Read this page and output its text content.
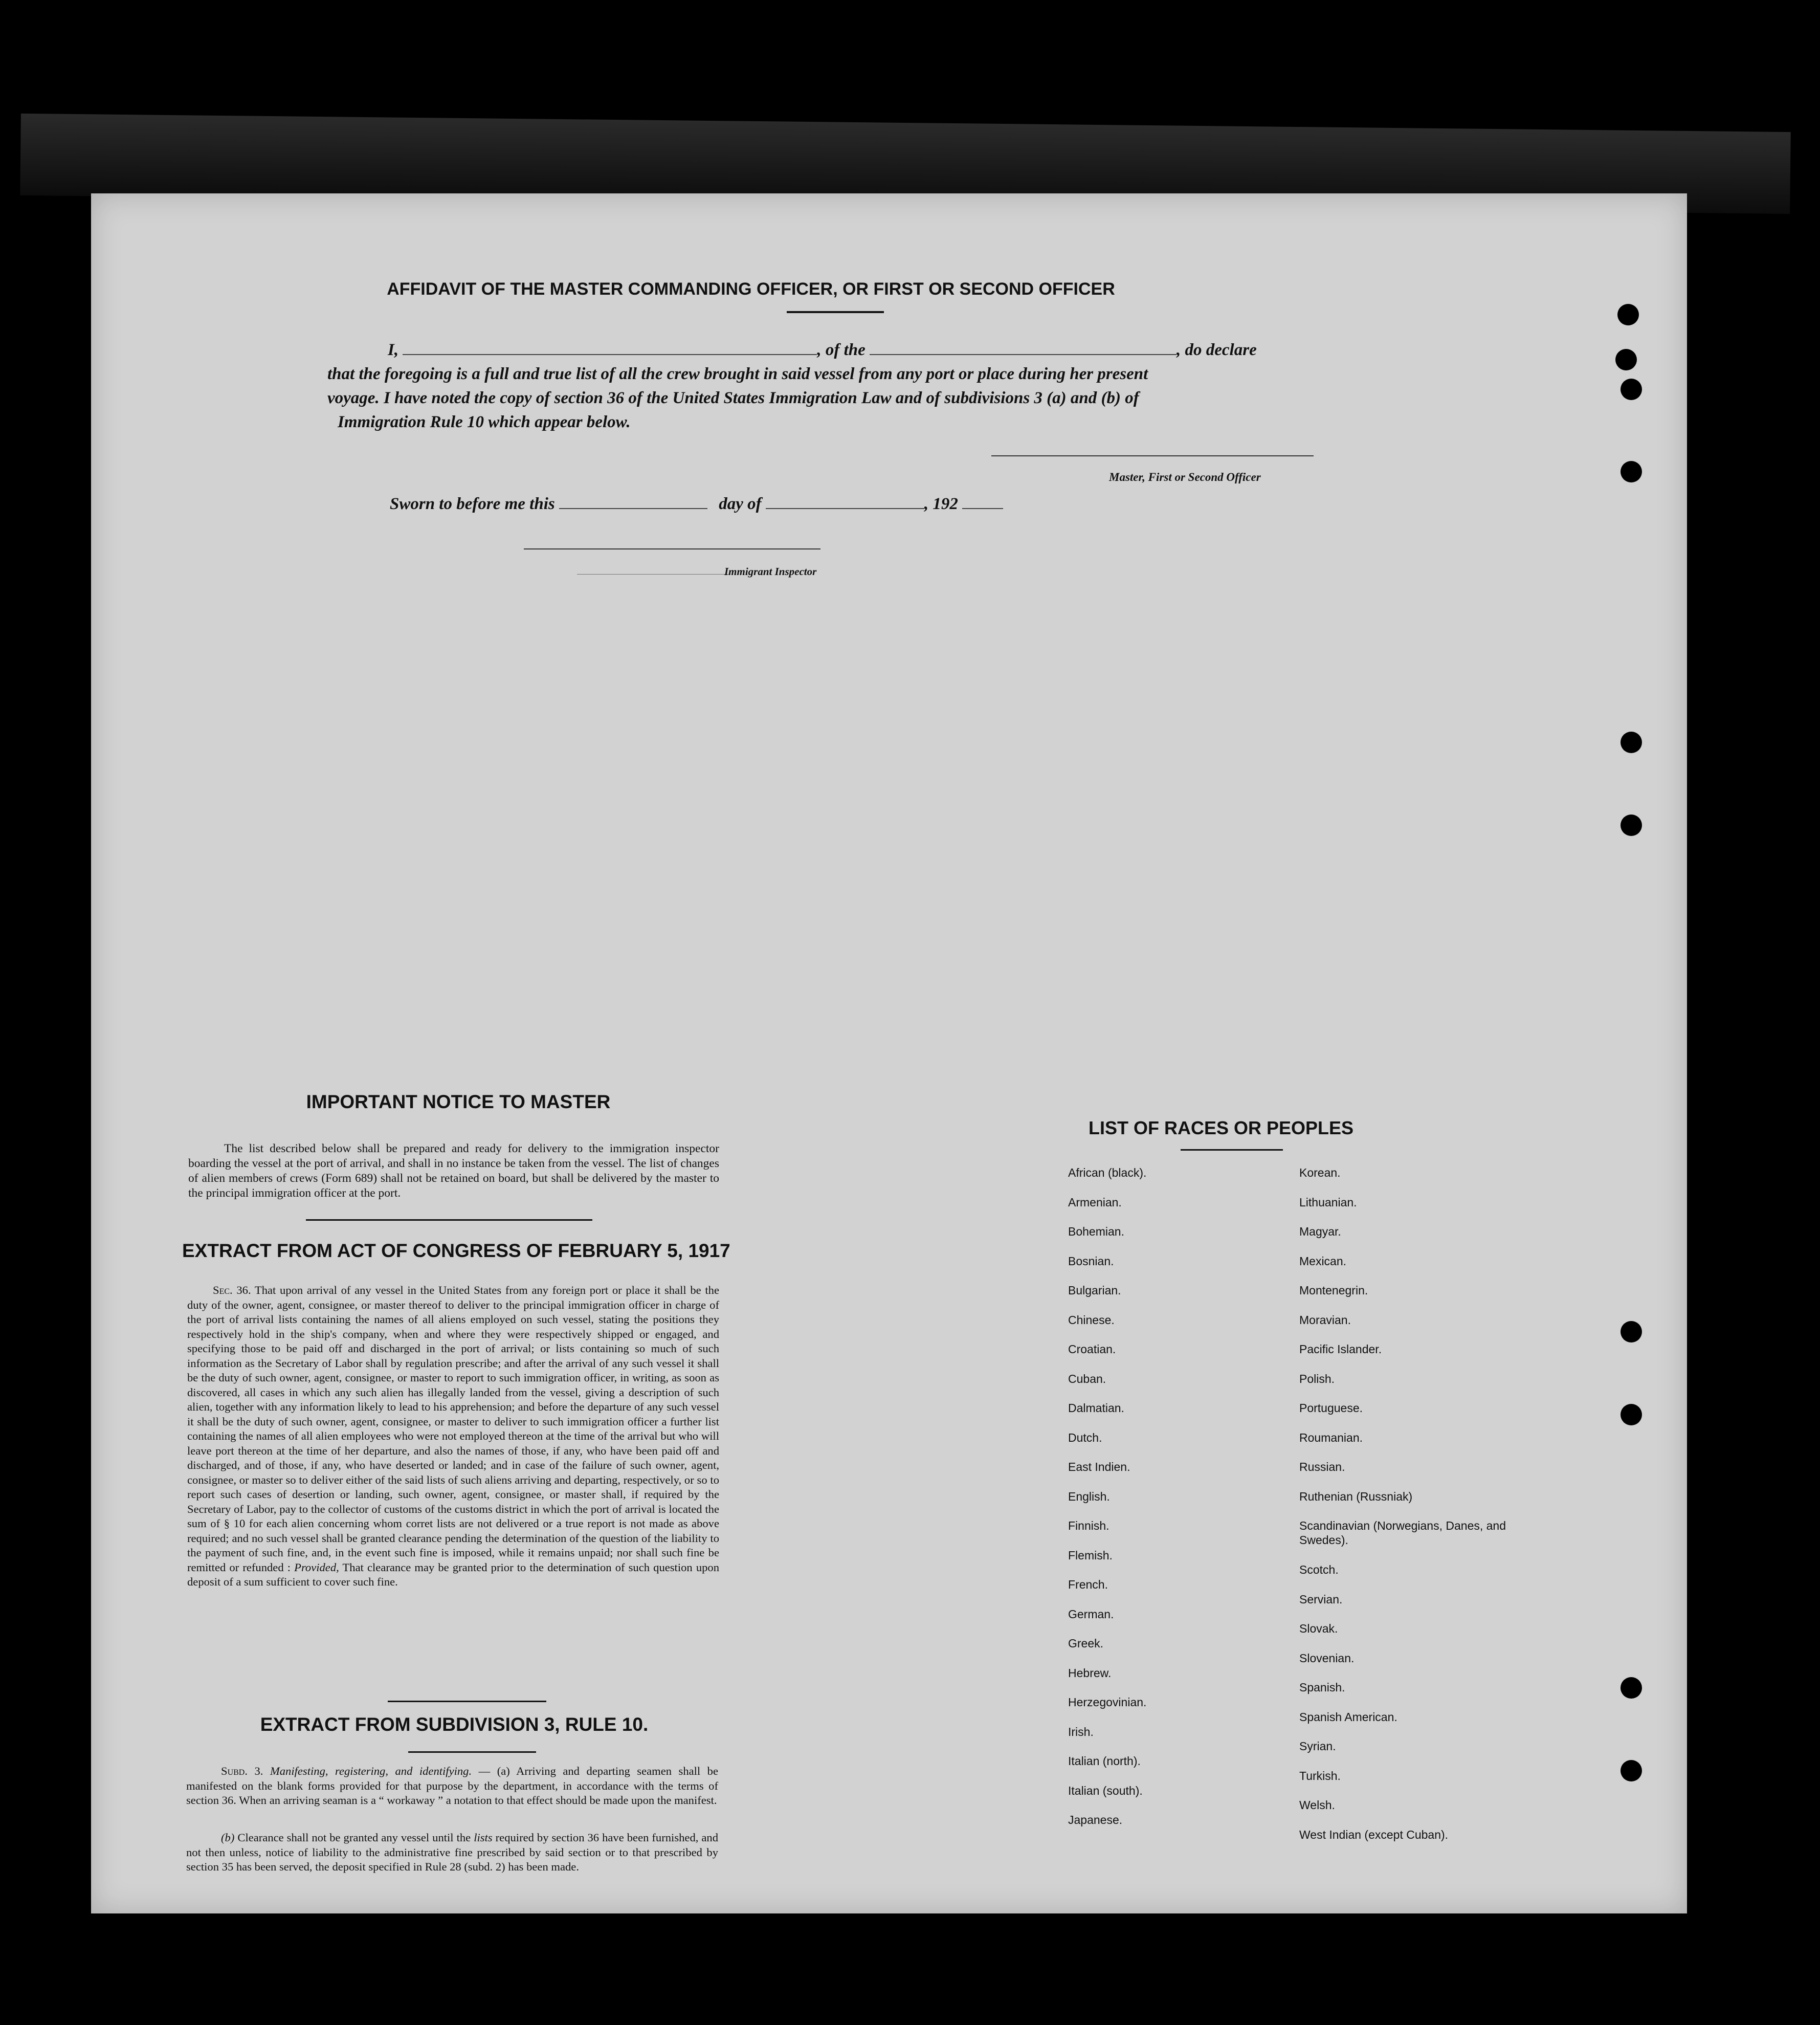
AFFIDAVIT OF THE MASTER COMMANDING OFFICER, OR FIRST OR SECOND OFFICER
I,	, of the	, do declare
that the foregoing is a full and true list of all the crew brought in said vessel from any port or place during her present
voyage. I have noted the copy of section 36 of the United States Immigration Law and of subdivisions 3 (a) and (b) of
Immigration Rule 10 which appear below.
Master, First or Second Officer
Sworn to before me this	day of	, 192
Immigrant Inspector
IMPORTANT NOTICE TO MASTER
The list described below shall be prepared and ready for delivery to the immigration inspector boarding the vessel at the port of arrival, and shall in no instance be taken from the vessel. The list of changes of alien members of crews (Form 689) shall not be retained on board, but shall be delivered by the master to the principal immigration officer at the port.
EXTRACT FROM ACT OF CONGRESS OF FEBRUARY 5, 1917
Sec. 36. That upon arrival of any vessel in the United States from any foreign port or place it shall be the duty of the owner, agent, consignee, or master thereof to deliver to the principal immigration officer in charge of the port of arrival lists containing the names of all aliens employed on such vessel, stating the positions they respectively hold in the ship's company, when and where they were respectively shipped or engaged, and specifying those to be paid off and discharged in the port of arrival; or lists containing so much of such information as the Secretary of Labor shall by regulation prescribe; and after the arrival of any such vessel it shall be the duty of such owner, agent, consignee, or master to report to such immigration officer, in writing, as soon as discovered, all cases in which any such alien has illegally landed from the vessel, giving a description of such alien, together with any information likely to lead to his apprehension; and before the departure of any such vessel it shall be the duty of such owner, agent, consignee, or master to deliver to such immigration officer a further list containing the names of all alien employees who were not employed thereon at the time of the arrival but who will leave port thereon at the time of her departure, and also the names of those, if any, who have been paid off and discharged, and of those, if any, who have deserted or landed; and in case of the failure of such owner, agent, consignee, or master so to deliver either of the said lists of such aliens arriving and departing, respectively, or so to report such cases of desertion or landing, such owner, agent, consignee, or master shall, if required by the Secretary of Labor, pay to the collector of customs of the customs district in which the port of arrival is located the sum of § 10 for each alien concerning whom corret lists are not delivered or a true report is not made as above required; and no such vessel shall be granted clearance pending the determination of the question of the liability to the payment of such fine, and, in the event such fine is imposed, while it remains unpaid; nor shall such fine be remitted or refunded : Provided, That clearance may be granted prior to the determination of such question upon deposit of a sum sufficient to cover such fine.
EXTRACT FROM SUBDIVISION 3, RULE 10.
Subd. 3. Manifesting, registering, and identifying. — (a) Arriving and departing seamen shall be manifested on the blank forms provided for that purpose by the department, in accordance with the terms of section 36. When an arriving seaman is a “ workaway ” a notation to that effect should be made upon the manifest.
(b) Clearance shall not be granted any vessel until the lists required by section 36 have been furnished, and not then unless, notice of liability to the administrative fine prescribed by said section or to that prescribed by section 35 has been served, the deposit specified in Rule 28 (subd. 2) has been made.
LIST OF RACES OR PEOPLES
African (black).
Armenian.
Bohemian.
Bosnian.
Bulgarian.
Chinese.
Croatian.
Cuban.
Dalmatian.
Dutch.
East Indien.
English.
Finnish.
Flemish.
French.
German.
Greek.
Hebrew.
Herzegovinian.
Irish.
Italian (north).
Italian (south).
Japanese.
Korean.
Lithuanian.
Magyar.
Mexican.
Montenegrin.
Moravian.
Pacific Islander.
Polish.
Portuguese.
Roumanian.
Russian.
Ruthenian (Russniak)
Scandinavian (Norwegians, Danes, and Swedes).
Scotch.
Servian.
Slovak.
Slovenian.
Spanish.
Spanish American.
Syrian.
Turkish.
Welsh.
West Indian (except Cuban).
